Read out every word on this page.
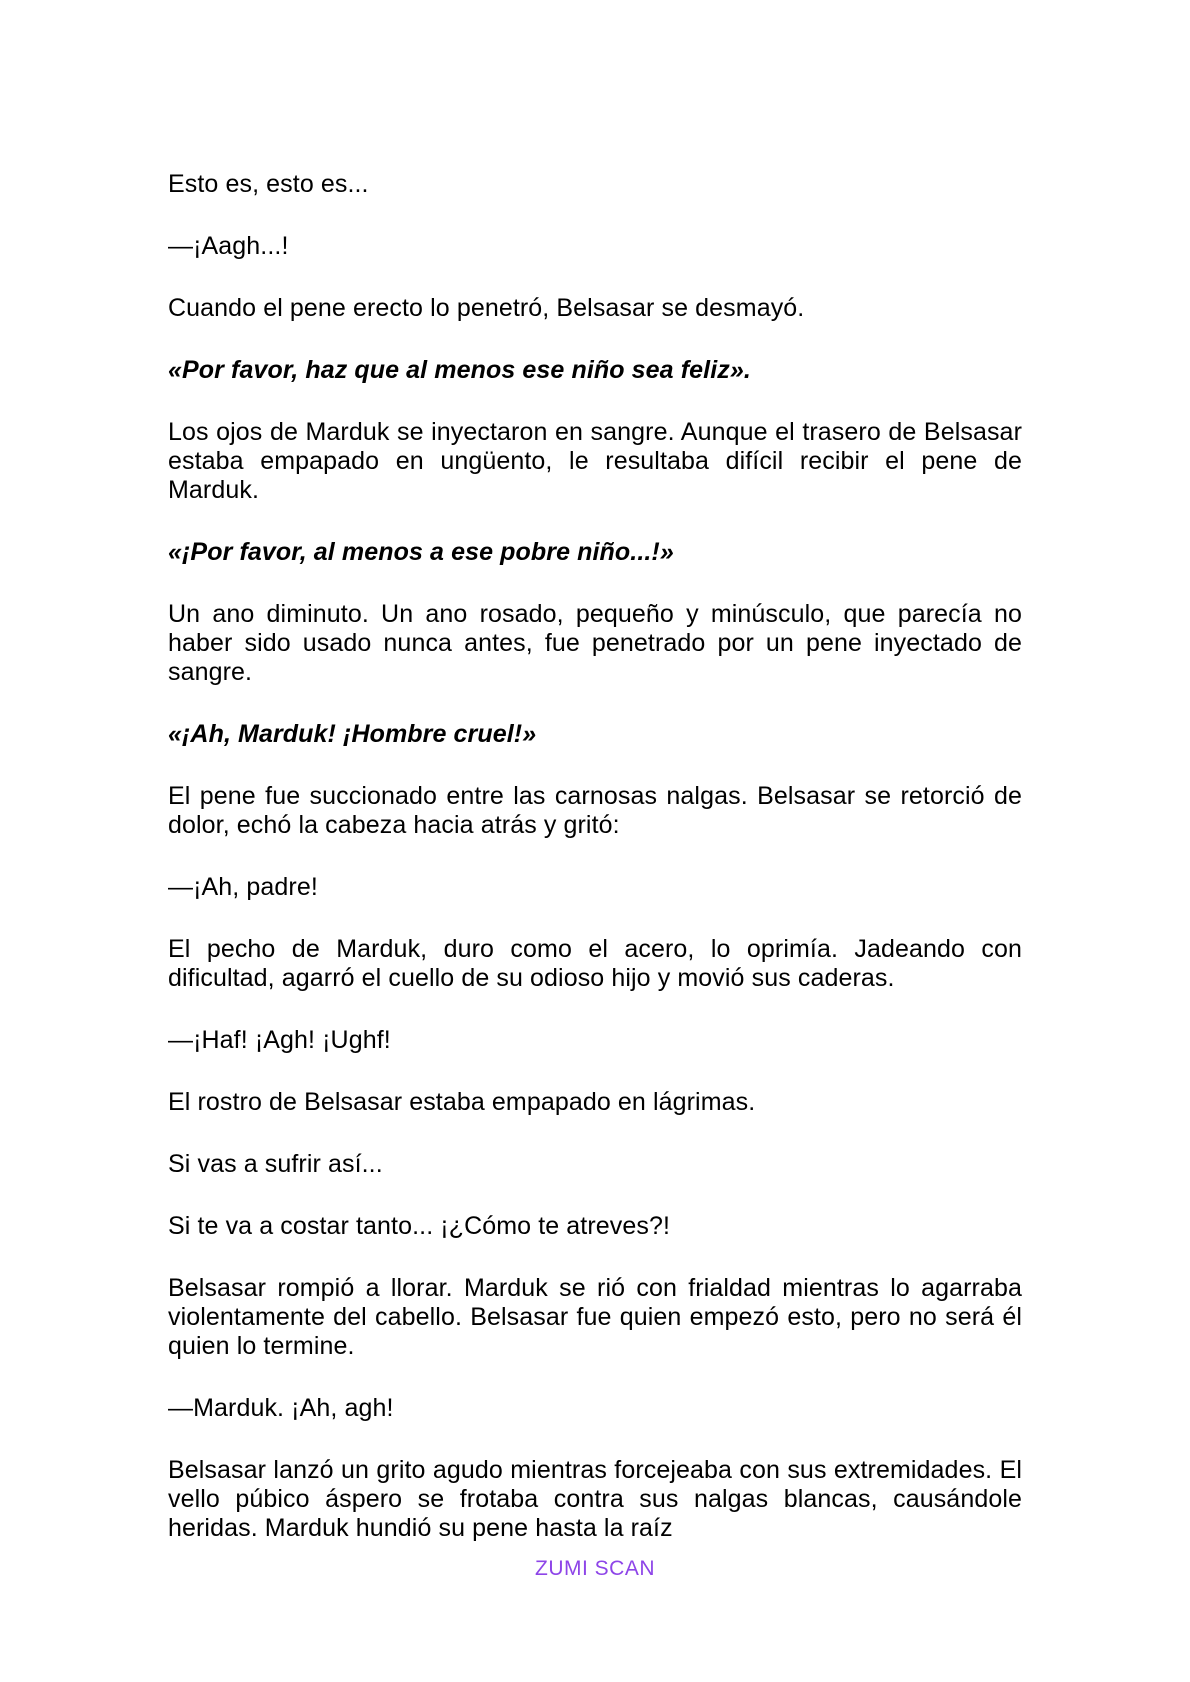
Esto es, esto es...

—¡Aagh...!

Cuando el pene erecto lo penetró, Belsasar se desmayó.

«Por favor, haz que al menos ese niño sea feliz».

Los ojos de Marduk se inyectaron en sangre. Aunque el trasero de Belsasar estaba empapado en ungüento, le resultaba difícil recibir el pene de Marduk.

«¡Por favor, al menos a ese pobre niño...!»

Un ano diminuto. Un ano rosado, pequeño y minúsculo, que parecía no haber sido usado nunca antes, fue penetrado por un pene inyectado de sangre.

«¡Ah, Marduk! ¡Hombre cruel!»

El pene fue succionado entre las carnosas nalgas. Belsasar se retorció de dolor, echó la cabeza hacia atrás y gritó:

—¡Ah, padre!

El pecho de Marduk, duro como el acero, lo oprimía. Jadeando con dificultad, agarró el cuello de su odioso hijo y movió sus caderas.

—¡Haf! ¡Agh! ¡Ughf!

El rostro de Belsasar estaba empapado en lágrimas.

Si vas a sufrir así...

Si te va a costar tanto... ¡¿Cómo te atreves?!

Belsasar rompió a llorar. Marduk se rió con frialdad mientras lo agarraba violentamente del cabello. Belsasar fue quien empezó esto, pero no será él quien lo termine.

—Marduk. ¡Ah, agh!

Belsasar lanzó un grito agudo mientras forcejeaba con sus extremidades. El vello púbico áspero se frotaba contra sus nalgas blancas, causándole heridas. Marduk hundió su pene hasta la raíz

ZUMI SCAN
